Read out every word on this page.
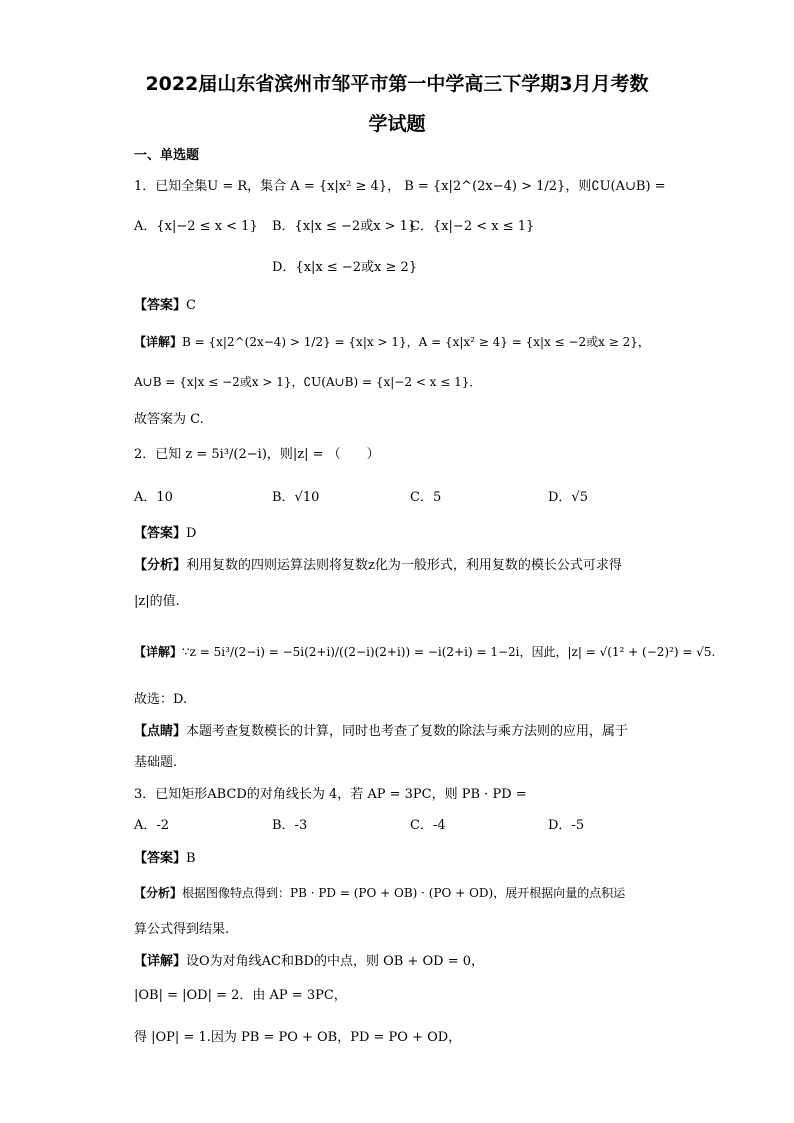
2022届山东省滨州市邹平市第一中学高三下学期3月月考数
学试题
一、单选题
1．已知全集U = R，集合 A = {x|x² ≥ 4}， B = {x|2^(2x−4) > 1/2}，则∁U(A∪B) =
A．{x|−2 ≤ x < 1} B．{x|x ≤ −2或x > 1}
C．{x|−2 < x ≤ 1}
D．{x|x ≤ −2或x ≥ 2}
【答案】C
【详解】B = {x|2^(2x−4) > 1/2} = {x|x > 1}，A = {x|x² ≥ 4} = {x|x ≤ −2或x ≥ 2}，
A∪B = {x|x ≤ −2或x > 1}，∁U(A∪B) = {x|−2 < x ≤ 1}．
故答案为 C.
2．已知 z = 5i³/(2−i)，则|z| = （　　）
A．10	B．√10	C．5	D．√5
【答案】D
【分析】利用复数的四则运算法则将复数z化为一般形式，利用复数的模长公式可求得
|z|的值.
【详解】∵z = 5i³/(2−i) = −5i(2+i)/((2−i)(2+i)) = −i(2+i) = 1−2i，因此，|z| = √(1² + (−2)²) = √5.
故选：D.
【点睛】本题考查复数模长的计算，同时也考查了复数的除法与乘方法则的应用，属于
基础题.
3．已知矩形ABCD的对角线长为 4，若 AP = 3PC，则 PB · PD =
A．-2	B．-3	C．-4	D．-5
【答案】B
【分析】根据图像特点得到：PB · PD = (PO + OB) · (PO + OD)，展开根据向量的点积运
算公式得到结果.
【详解】设O为对角线AC和BD的中点，则 OB + OD = 0，
|OB| = |OD| = 2．由 AP = 3PC，
得 |OP| = 1.因为 PB = PO + OB，PD = PO + OD，
